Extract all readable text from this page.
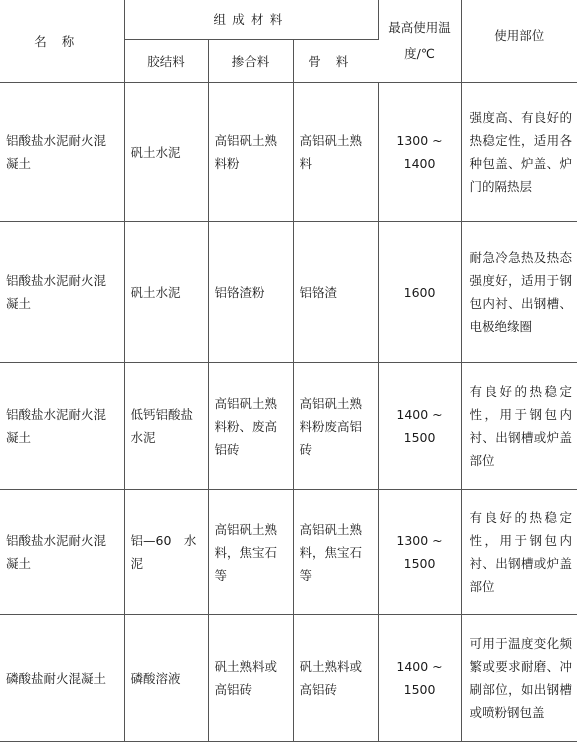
名称	组成材料			最高使用温度/℃	使用部位
	胶结料	掺合料	骨料		

铝酸盐水泥耐火混凝土	矾土水泥	高铝矾土熟料粉	高铝矾土熟料	1300 ~ 1400	强度高、有良好的热稳定性，适用各种包盖、炉盖、炉门的隔热层

铝酸盐水泥耐火混凝土	矾土水泥	铝铬渣粉	铝铬渣	1600	耐急冷急热及热态强度好，适用于钢包内衬、出钢槽、电极绝缘圈

铝酸盐水泥耐火混凝土	低钙铝酸盐水泥	高铝矾土熟料粉、废高铝砖	高铝矾土熟料粉废高铝砖	1400 ~ 1500	有良好的热稳定性，用于钢包内衬、出钢槽或炉盖部位

铝酸盐水泥耐火混凝土	铝—60　水泥	高铝矾土熟料，焦宝石等	高铝矾土熟料，焦宝石等	1300 ~ 1500	有良好的热稳定性，用于钢包内衬、出钢槽或炉盖部位

磷酸盐耐火混凝土	磷酸溶液	矾土熟料或高铝砖	矾土熟料或高铝砖	1400 ~ 1500	可用于温度变化频繁或要求耐磨、冲刷部位，如出钢槽或喷粉钢包盖
